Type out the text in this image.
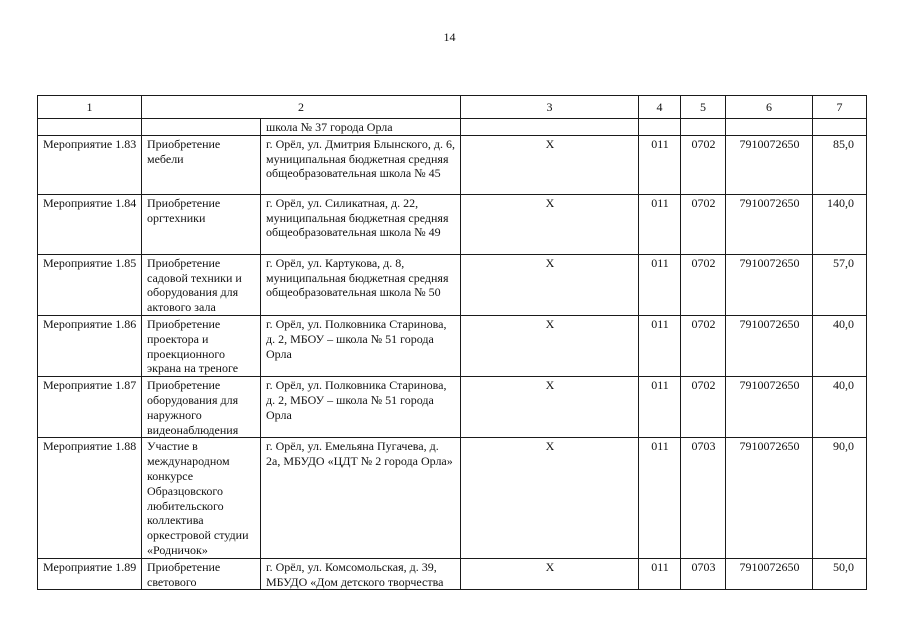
14
1	2		3	4	5	6	7
		школа № 37 города Орла					
Мероприятие 1.83	Приобретение мебели	г. Орёл, ул. Дмитрия Блынского, д. 6, муниципальная бюджетная средняя общеобразовательная школа № 45	Х	011	0702	7910072650	85,0
Мероприятие 1.84	Приобретение оргтехники	г. Орёл, ул. Силикатная, д. 22, муниципальная бюджетная средняя общеобразовательная школа № 49	Х	011	0702	7910072650	140,0
Мероприятие 1.85	Приобретение садовой техники и оборудования для актового зала	г. Орёл, ул. Картукова, д. 8, муниципальная бюджетная средняя общеобразовательная школа № 50	Х	011	0702	7910072650	57,0
Мероприятие 1.86	Приобретение проектора и проекционного экрана на треноге	г. Орёл, ул. Полковника Старинова, д. 2, МБОУ – школа № 51 города Орла	Х	011	0702	7910072650	40,0
Мероприятие 1.87	Приобретение оборудования для наружного видеонаблюдения	г. Орёл, ул. Полковника Старинова, д. 2, МБОУ – школа № 51 города Орла	Х	011	0702	7910072650	40,0
Мероприятие 1.88	Участие в международном конкурсе Образцовского любительского коллектива оркестровой студии «Родничок»	г. Орёл, ул. Емельяна Пугачева, д. 2а, МБУДО «ЦДТ № 2 города Орла»	Х	011	0703	7910072650	90,0
Мероприятие 1.89	Приобретение светового	г. Орёл, ул. Комсомольская, д. 39, МБУДО «Дом детского творчества	Х	011	0703	7910072650	50,0
